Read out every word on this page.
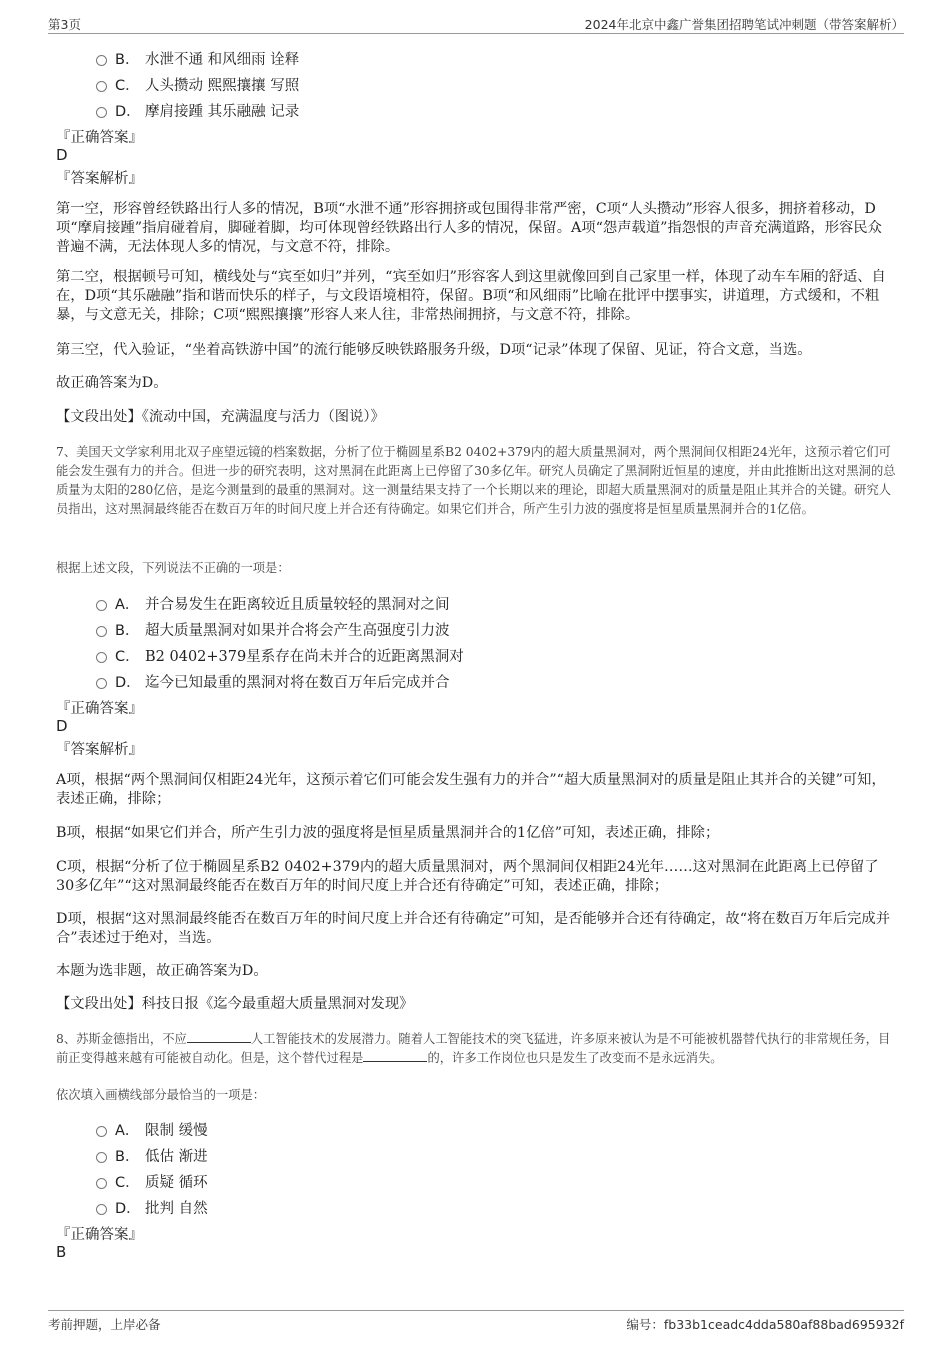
第3页	2024年北京中鑫广誉集团招聘笔试冲刺题（带答案解析）
B． 水泄不通 和风细雨 诠释
C． 人头攒动 熙熙攘攘 写照
D． 摩肩接踵 其乐融融 记录
『正确答案』
D
『答案解析』
第一空，形容曾经铁路出行人多的情况，B项“水泄不通”形容拥挤或包围得非常严密，C项“人头攒动”形容人很多，拥挤着移动，D项“摩肩接踵”指肩碰着肩，脚碰着脚，均可体现曾经铁路出行人多的情况，保留。A项“怨声载道”指怨恨的声音充满道路，形容民众普遍不满，无法体现人多的情况，与文意不符，排除。
第二空，根据顿号可知，横线处与“宾至如归”并列，“宾至如归”形容客人到这里就像回到自己家里一样，体现了动车车厢的舒适、自在，D项“其乐融融”指和谐而快乐的样子，与文段语境相符，保留。B项“和风细雨”比喻在批评中摆事实，讲道理，方式缓和，不粗暴，与文意无关，排除；C项“熙熙攘攘”形容人来人往，非常热闹拥挤，与文意不符，排除。
第三空，代入验证，“坐着高铁游中国”的流行能够反映铁路服务升级，D项“记录”体现了保留、见证，符合文意，当选。
故正确答案为D。
【文段出处】《流动中国，充满温度与活力（图说）》
7、美国天文学家利用北双子座望远镜的档案数据，分析了位于椭圆星系B2 0402+379内的超大质量黑洞对，两个黑洞间仅相距24光年，这预示着它们可能会发生强有力的并合。但进一步的研究表明，这对黑洞在此距离上已停留了30多亿年。研究人员确定了黑洞附近恒星的速度，并由此推断出这对黑洞的总质量为太阳的280亿倍，是迄今测量到的最重的黑洞对。这一测量结果支持了一个长期以来的理论，即超大质量黑洞对的质量是阻止其并合的关键。研究人员指出，这对黑洞最终能否在数百万年的时间尺度上并合还有待确定。如果它们并合，所产生引力波的强度将是恒星质量黑洞并合的1亿倍。
根据上述文段，下列说法不正确的一项是：
A． 并合易发生在距离较近且质量较轻的黑洞对之间
B． 超大质量黑洞对如果并合将会产生高强度引力波
C． B2 0402+379星系存在尚未并合的近距离黑洞对
D． 迄今已知最重的黑洞对将在数百万年后完成并合
『正确答案』
D
『答案解析』
A项，根据“两个黑洞间仅相距24光年，这预示着它们可能会发生强有力的并合”“超大质量黑洞对的质量是阻止其并合的关键”可知，表述正确，排除；
B项，根据“如果它们并合，所产生引力波的强度将是恒星质量黑洞并合的1亿倍”可知，表述正确，排除；
C项，根据“分析了位于椭圆星系B2 0402+379内的超大质量黑洞对，两个黑洞间仅相距24光年……这对黑洞在此距离上已停留了30多亿年”“这对黑洞最终能否在数百万年的时间尺度上并合还有待确定”可知，表述正确，排除；
D项，根据“这对黑洞最终能否在数百万年的时间尺度上并合还有待确定”可知，是否能够并合还有待确定，故“将在数百万年后完成并合”表述过于绝对，当选。
本题为选非题，故正确答案为D。
【文段出处】科技日报《迄今最重超大质量黑洞对发现》
8、苏斯金德指出，不应	人工智能技术的发展潜力。随着人工智能技术的突飞猛进，许多原来被认为是不可能被机器替代执行的非常规任务，目前正变得越来越有可能被自动化。但是，这个替代过程是	的，许多工作岗位也只是发生了改变而不是永远消失。
依次填入画横线部分最恰当的一项是：
A． 限制 缓慢
B． 低估 渐进
C． 质疑 循环
D． 批判 自然
『正确答案』
B
考前押题，上岸必备	编号：fb33b1ceadc4dda580af88bad695932f
